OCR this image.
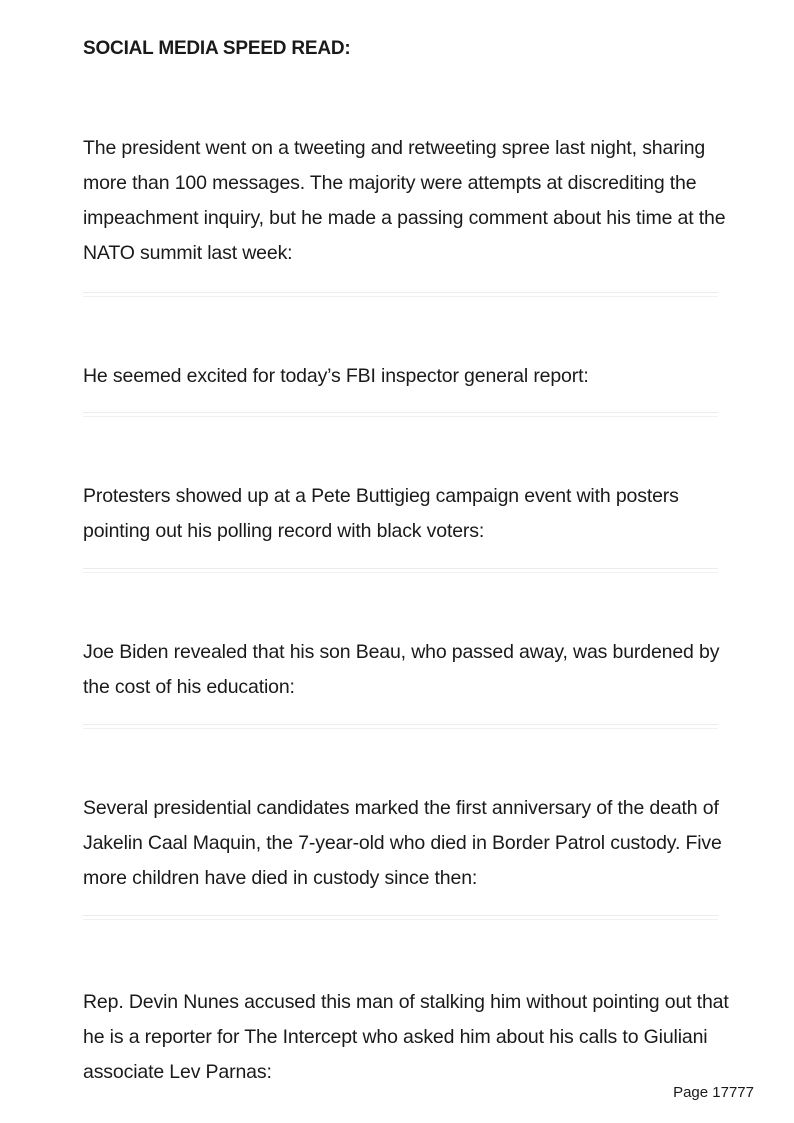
SOCIAL MEDIA SPEED READ:

The president went on a tweeting and retweeting spree last night, sharing more than 100 messages. The majority were attempts at discrediting the impeachment inquiry, but he made a passing comment about his time at the NATO summit last week:

He seemed excited for today’s FBI inspector general report:

Protesters showed up at a Pete Buttigieg campaign event with posters pointing out his polling record with black voters:

Joe Biden revealed that his son Beau, who passed away, was burdened by the cost of his education:

Several presidential candidates marked the first anniversary of the death of Jakelin Caal Maquin, the 7-year-old who died in Border Patrol custody. Five more children have died in custody since then:

Rep. Devin Nunes accused this man of stalking him without pointing out that he is a reporter for The Intercept who asked him about his calls to Giuliani associate Lev Parnas:

Page 17777
